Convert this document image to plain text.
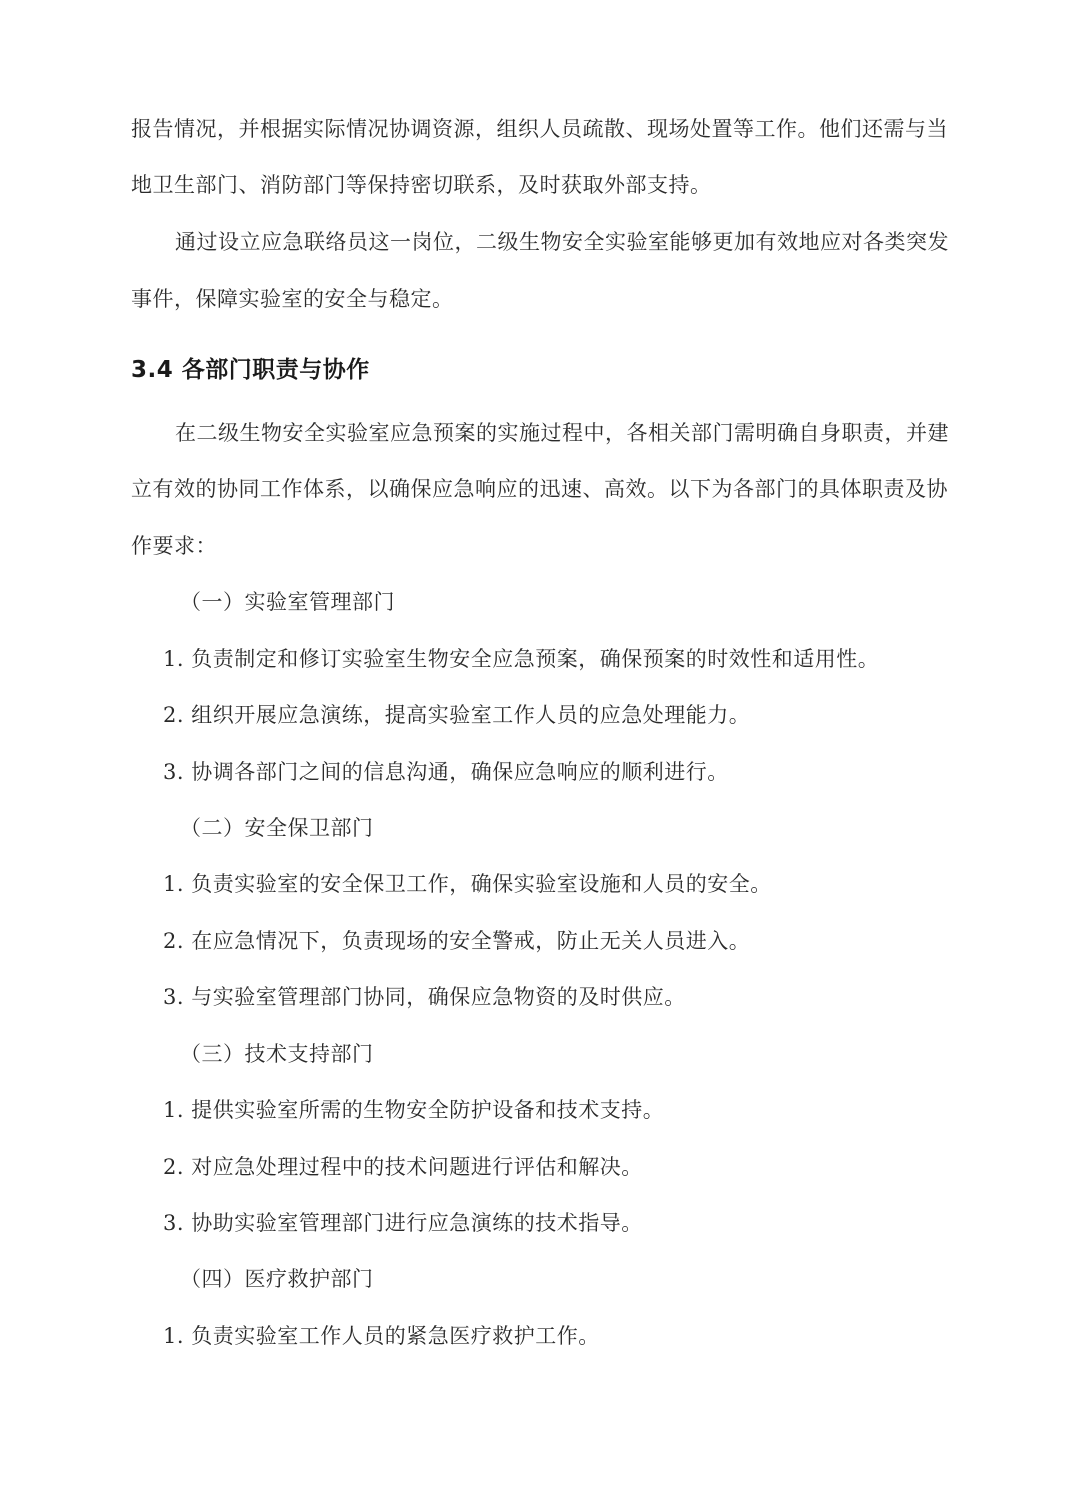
报告情况，并根据实际情况协调资源，组织人员疏散、现场处置等工作。他们还需与当
地卫生部门、消防部门等保持密切联系，及时获取外部支持。
通过设立应急联络员这一岗位，二级生物安全实验室能够更加有效地应对各类突发
事件，保障实验室的安全与稳定。
3.4 各部门职责与协作
在二级生物安全实验室应急预案的实施过程中，各相关部门需明确自身职责，并建
立有效的协同工作体系，以确保应急响应的迅速、高效。以下为各部门的具体职责及协
作要求：
（一）实验室管理部门
1. 负责制定和修订实验室生物安全应急预案，确保预案的时效性和适用性。
2. 组织开展应急演练，提高实验室工作人员的应急处理能力。
3. 协调各部门之间的信息沟通，确保应急响应的顺利进行。
（二）安全保卫部门
1. 负责实验室的安全保卫工作，确保实验室设施和人员的安全。
2. 在应急情况下，负责现场的安全警戒，防止无关人员进入。
3. 与实验室管理部门协同，确保应急物资的及时供应。
（三）技术支持部门
1. 提供实验室所需的生物安全防护设备和技术支持。
2. 对应急处理过程中的技术问题进行评估和解决。
3. 协助实验室管理部门进行应急演练的技术指导。
（四）医疗救护部门
1. 负责实验室工作人员的紧急医疗救护工作。
